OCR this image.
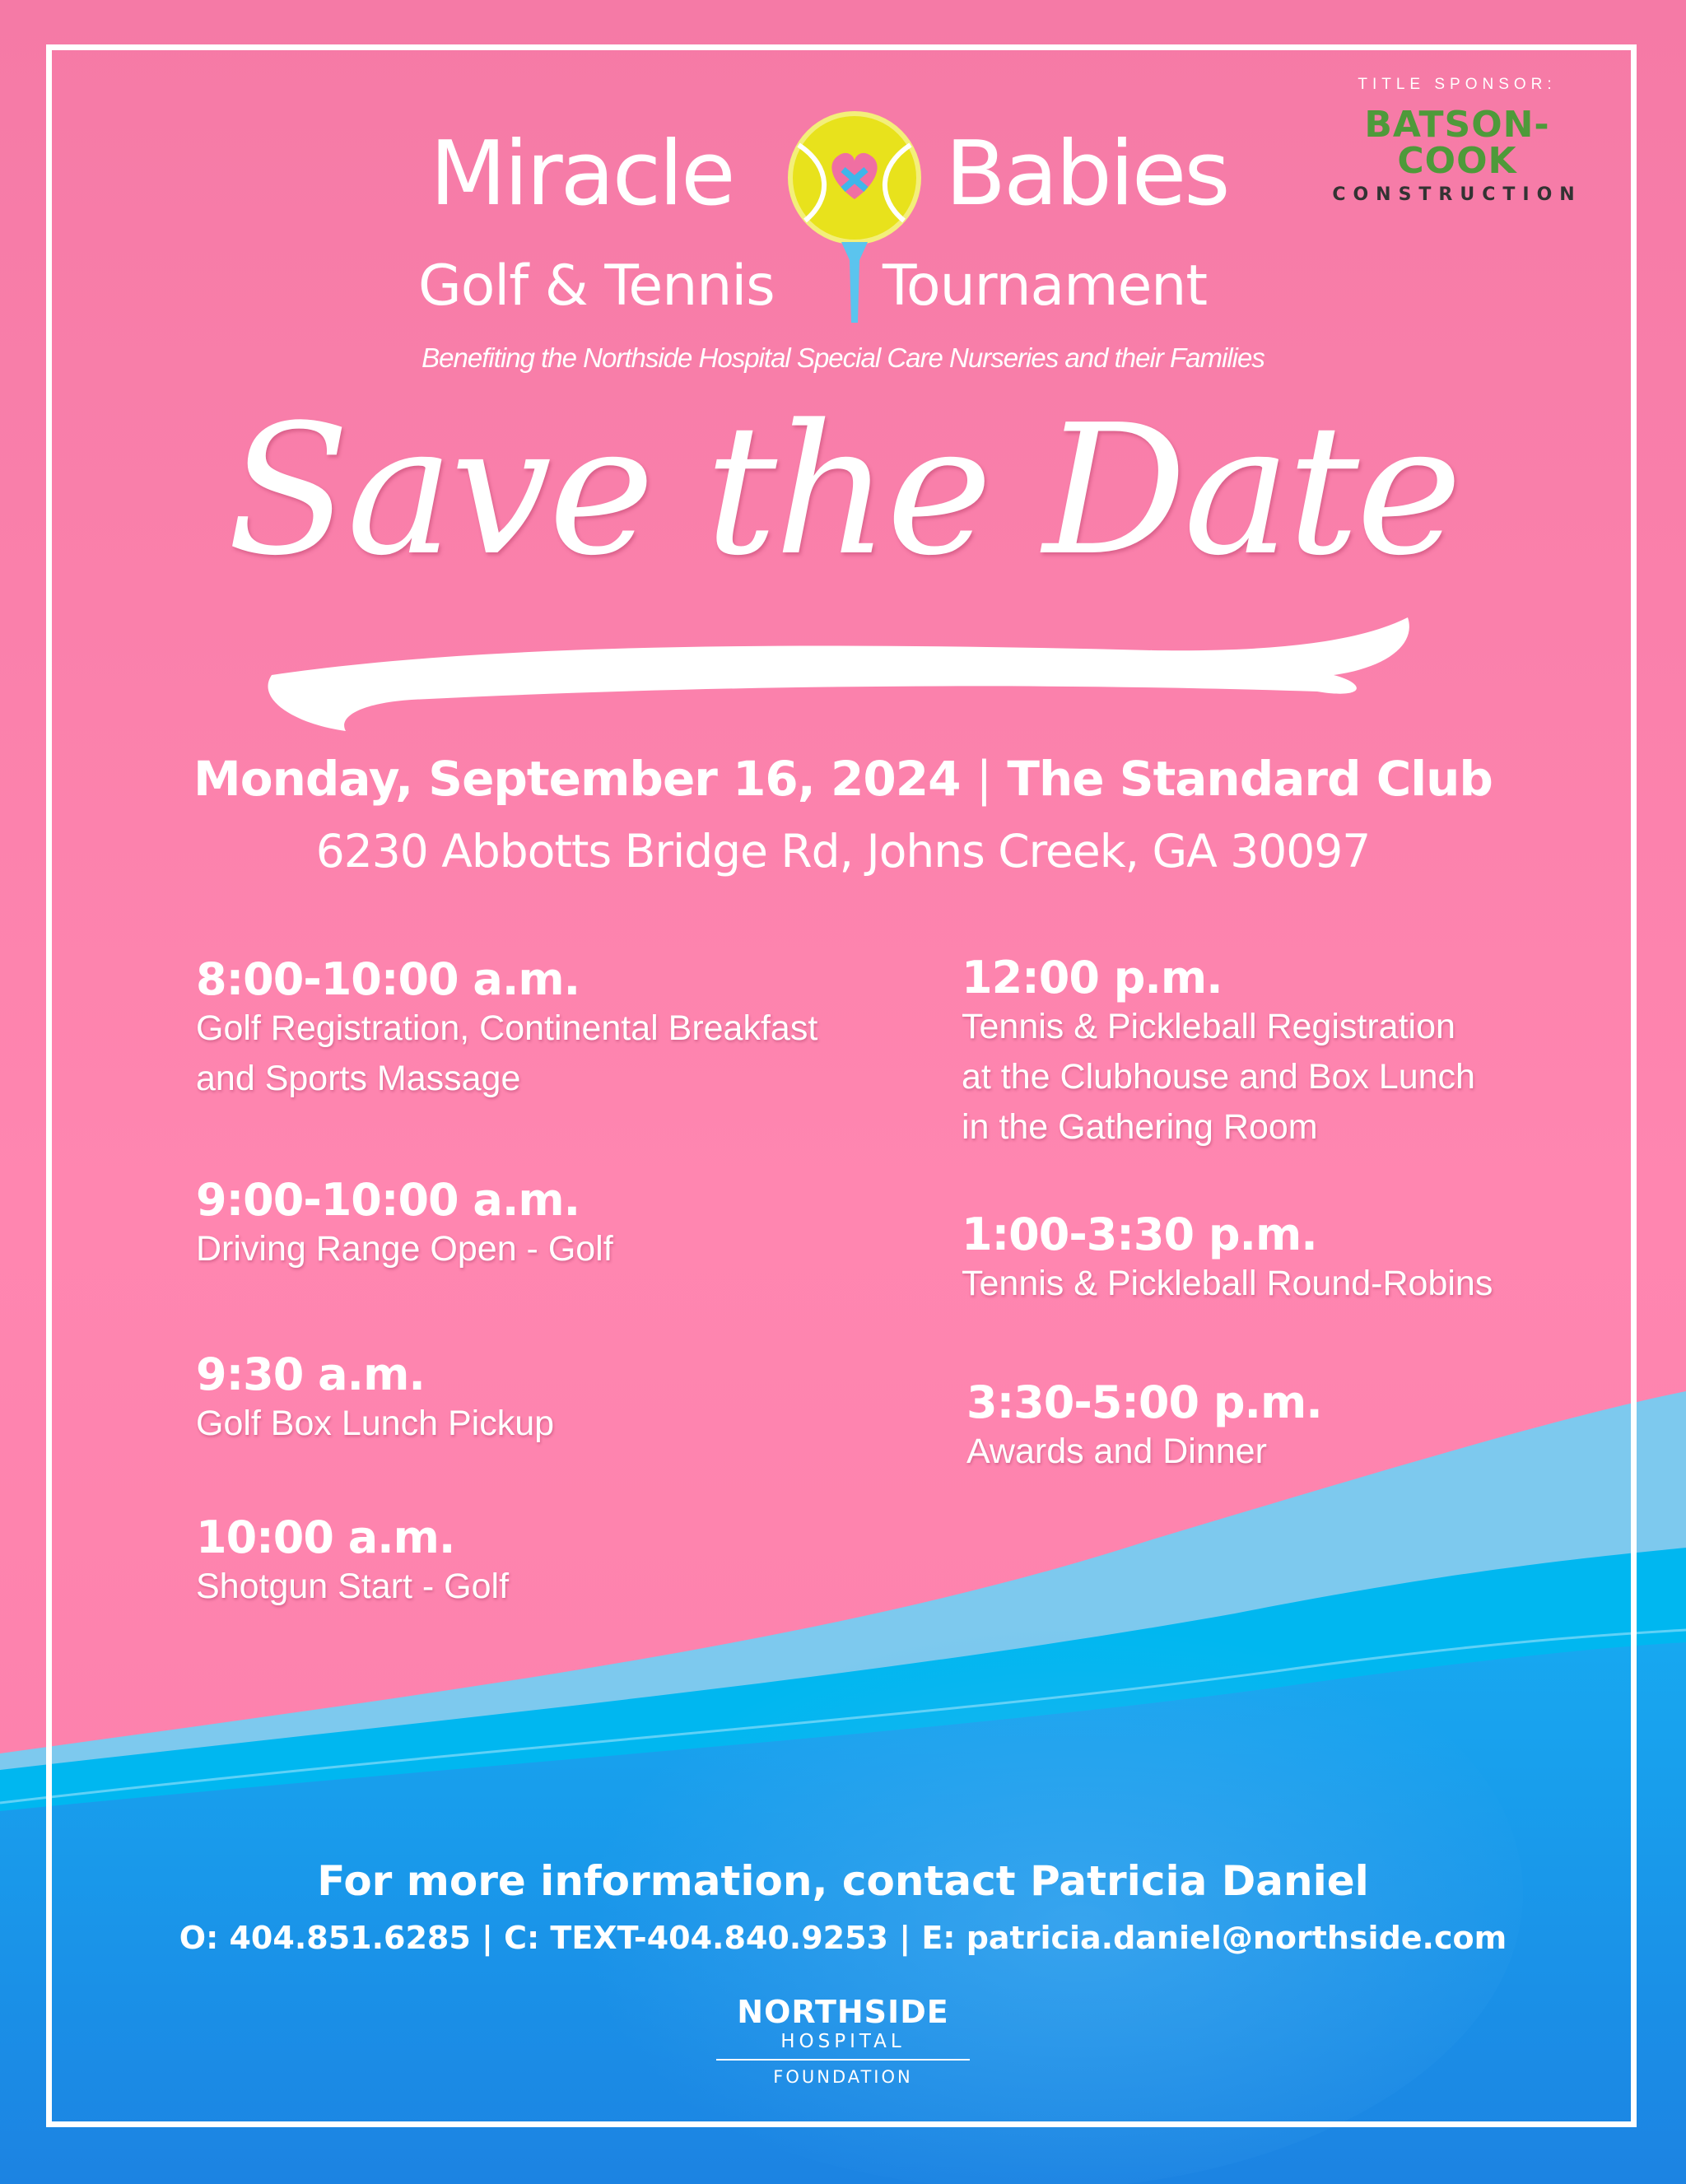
TITLE SPONSOR:
BATSON-COOK
CONSTRUCTION
Miracle Babies
Golf & Tennis Tournament
Benefiting the Northside Hospital Special Care Nurseries and their Families
Save the Date
Monday, September 16, 2024 | The Standard Club
6230 Abbotts Bridge Rd, Johns Creek, GA 30097
8:00-10:00 a.m.
Golf Registration, Continental Breakfast
and Sports Massage
9:00-10:00 a.m.
Driving Range Open - Golf
9:30 a.m.
Golf Box Lunch Pickup
10:00 a.m.
Shotgun Start - Golf
12:00 p.m.
Tennis & Pickleball Registration
at the Clubhouse and Box Lunch
in the Gathering Room
1:00-3:30 p.m.
Tennis & Pickleball Round-Robins
3:30-5:00 p.m.
Awards and Dinner
For more information, contact Patricia Daniel
O: 404.851.6285 | C: TEXT-404.840.9253 | E: patricia.daniel@northside.com
NORTHSIDE
HOSPITAL
FOUNDATION
